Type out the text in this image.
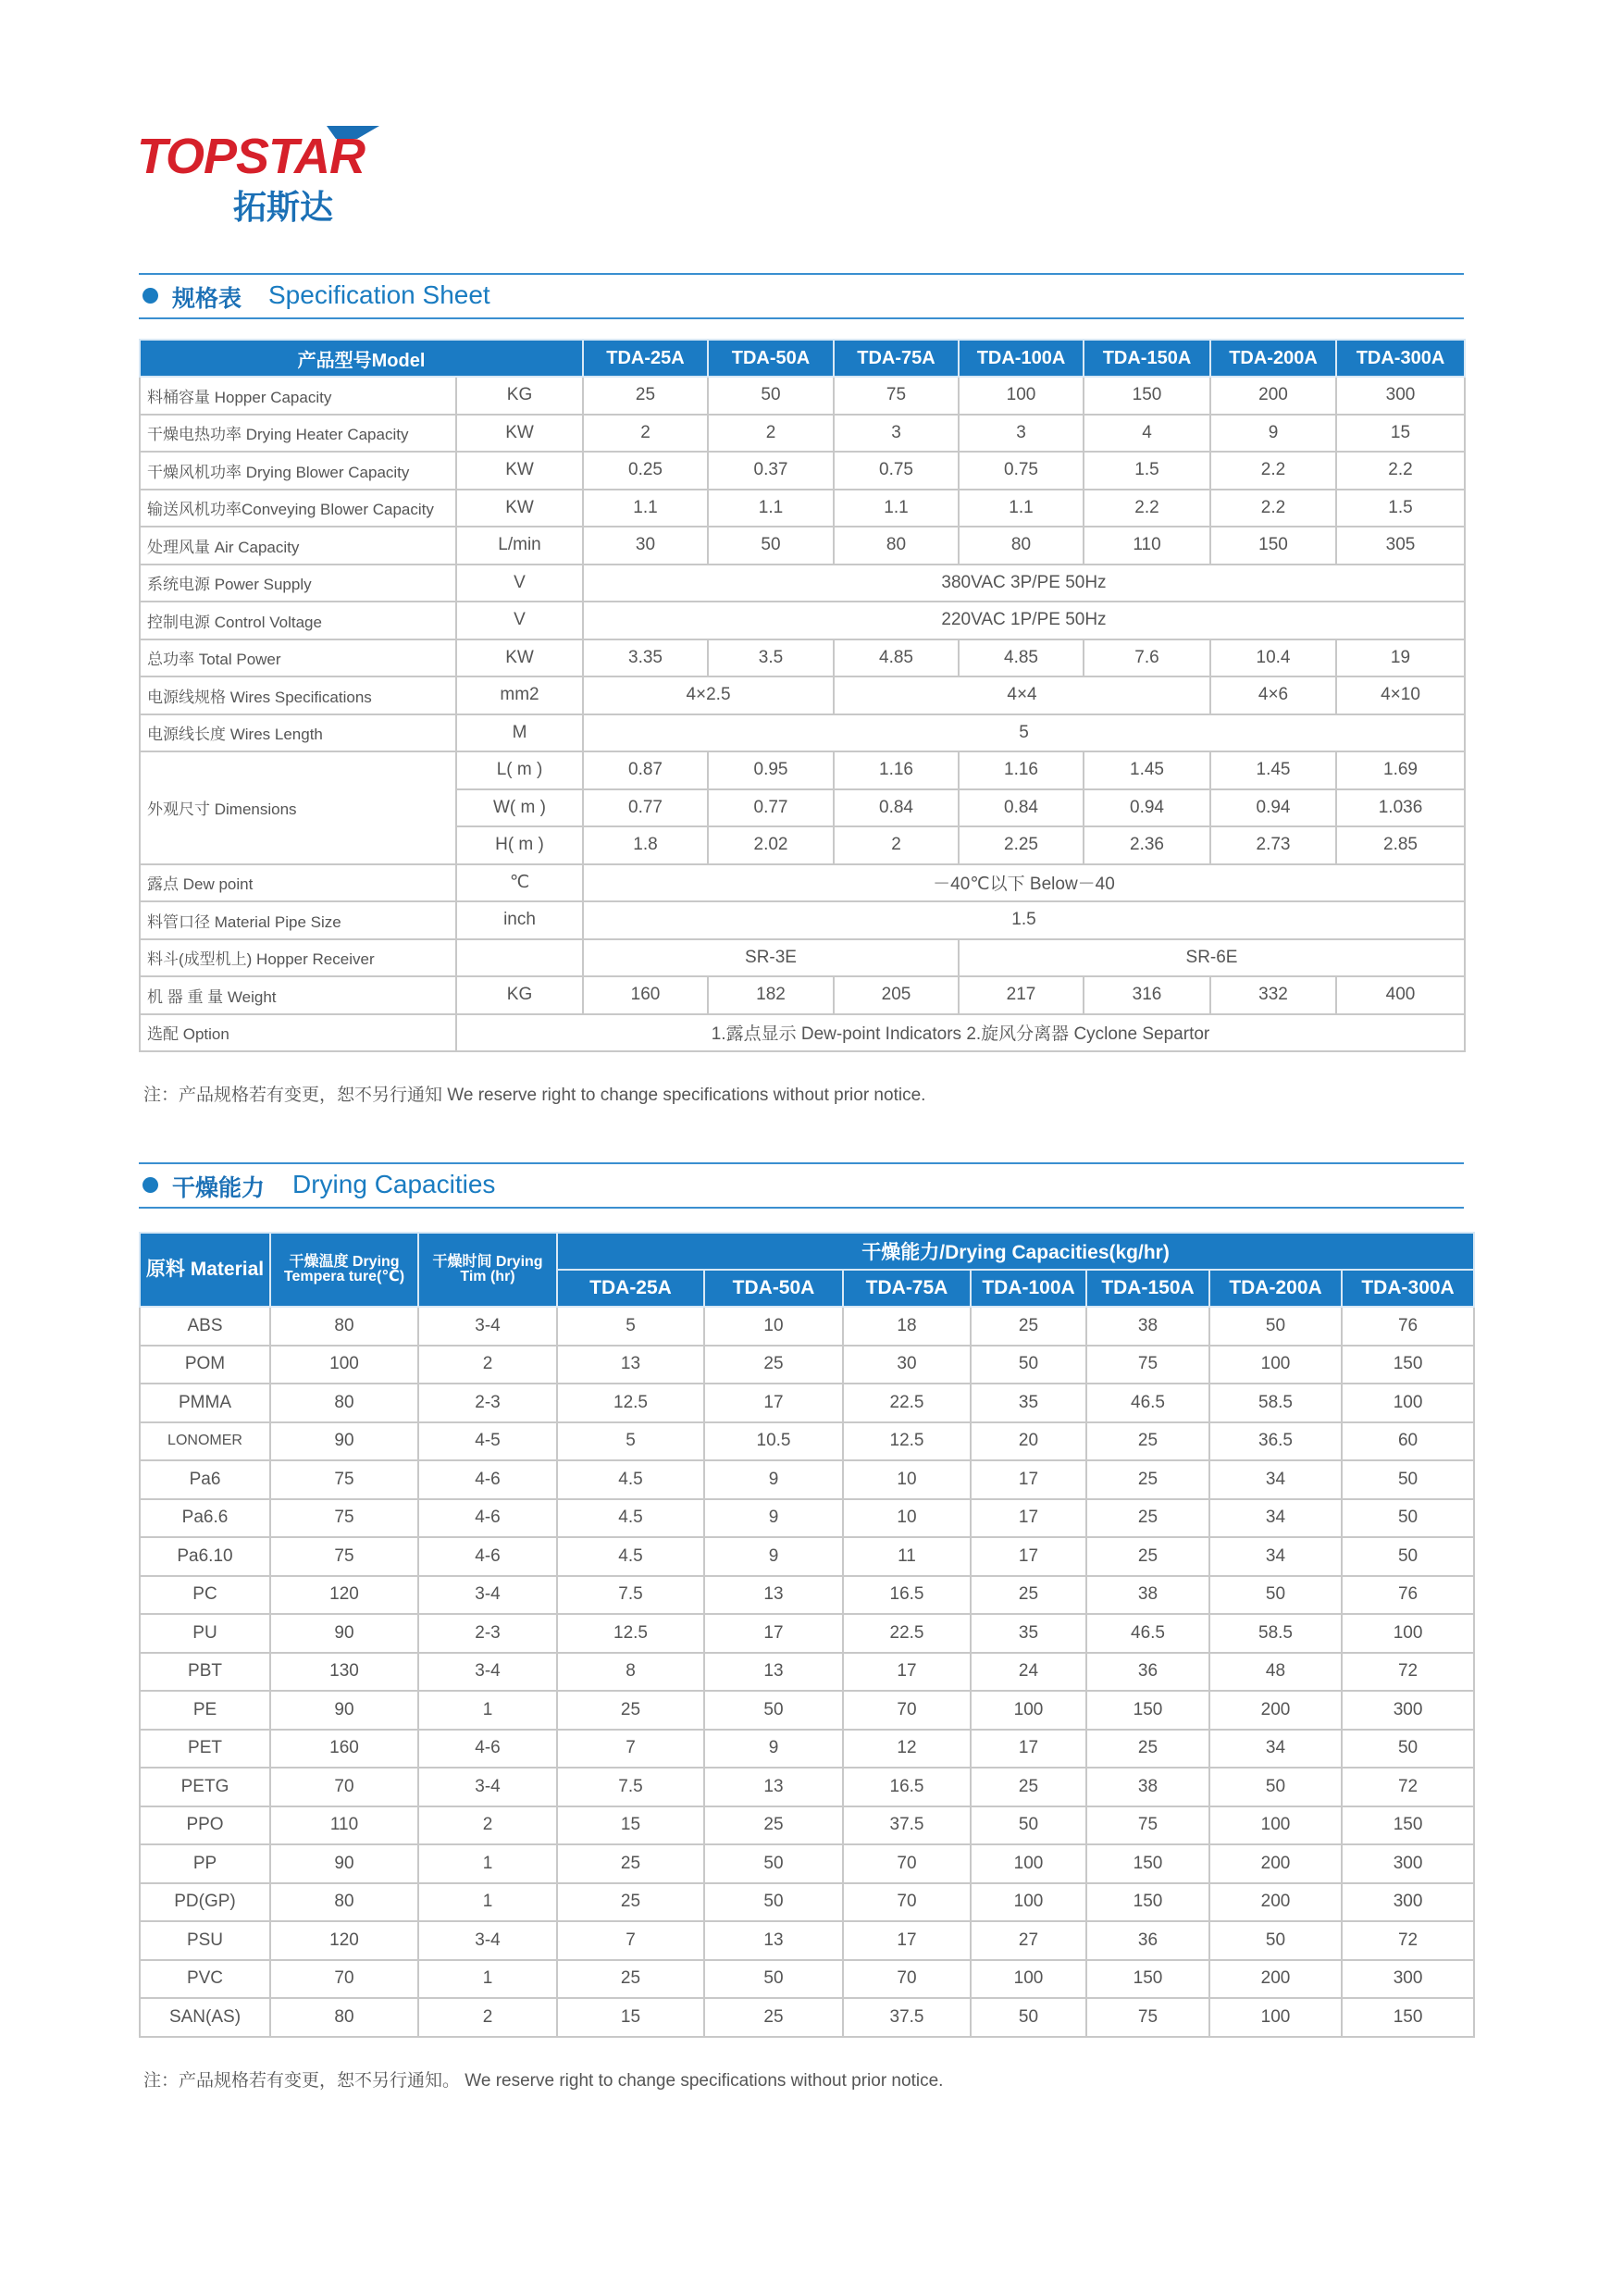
TOPSTAR
拓斯达
规格表 Specification Sheet
产品型号Model		TDA-25A	TDA-50A	TDA-75A	TDA-100A	TDA-150A	TDA-200A	TDA-300A
料桶容量 Hopper Capacity	KG	25	50	75	100	150	200	300
干燥电热功率 Drying Heater Capacity	KW	2	2	3	3	4	9	15
干燥风机功率 Drying Blower Capacity	KW	0.25	0.37	0.75	0.75	1.5	2.2	2.2
输送风机功率Conveying Blower Capacity	KW	1.1	1.1	1.1	1.1	2.2	2.2	1.5
处理风量 Air Capacity	L/min	30	50	80	80	110	150	305
系统电源 Power Supply	V	380VAC 3P/PE 50Hz						
控制电源 Control Voltage	V	220VAC 1P/PE 50Hz						
总功率 Total Power	KW	3.35	3.5	4.85	4.85	7.6	10.4	19
电源线规格 Wires Specifications	mm2	4×2.5		4×4			4×6	4×10
电源线长度 Wires Length	M	5						
外观尺寸 Dimensions	L( m )	0.87	0.95	1.16	1.16	1.45	1.45	1.69
	W( m )	0.77	0.77	0.84	0.84	0.94	0.94	1.036
	H( m )	1.8	2.02	2	2.25	2.36	2.73	2.85
露点 Dew point	℃	－40℃以下 Below－40						
料管口径 Material Pipe Size	inch	1.5						
料斗(成型机上) Hopper Receiver		SR-3E			SR-6E			
机 器 重 量 Weight	KG	160	182	205	217	316	332	400
选配 Option	1.露点显示 Dew-point Indicators 2.旋风分离器 Cyclone Separtor							
注：产品规格若有变更，恕不另行通知 We reserve right to change specifications without prior notice.
干燥能力 Drying Capacities
原料 Material	干燥温度 Drying Tempera ture(℃)	干燥时间 Drying Tim (hr)	干燥能力/Drying Capacities(kg/hr)						
			TDA-25A	TDA-50A	TDA-75A	TDA-100A	TDA-150A	TDA-200A	TDA-300A
ABS	80	3-4	5	10	18	25	38	50	76
POM	100	2	13	25	30	50	75	100	150
PMMA	80	2-3	12.5	17	22.5	35	46.5	58.5	100
LONOMER	90	4-5	5	10.5	12.5	20	25	36.5	60
Pa6	75	4-6	4.5	9	10	17	25	34	50
Pa6.6	75	4-6	4.5	9	10	17	25	34	50
Pa6.10	75	4-6	4.5	9	11	17	25	34	50
PC	120	3-4	7.5	13	16.5	25	38	50	76
PU	90	2-3	12.5	17	22.5	35	46.5	58.5	100
PBT	130	3-4	8	13	17	24	36	48	72
PE	90	1	25	50	70	100	150	200	300
PET	160	4-6	7	9	12	17	25	34	50
PETG	70	3-4	7.5	13	16.5	25	38	50	72
PPO	110	2	15	25	37.5	50	75	100	150
PP	90	1	25	50	70	100	150	200	300
PD(GP)	80	1	25	50	70	100	150	200	300
PSU	120	3-4	7	13	17	27	36	50	72
PVC	70	1	25	50	70	100	150	200	300
SAN(AS)	80	2	15	25	37.5	50	75	100	150
注：产品规格若有变更，恕不另行通知。 We reserve right to change specifications without prior notice.
